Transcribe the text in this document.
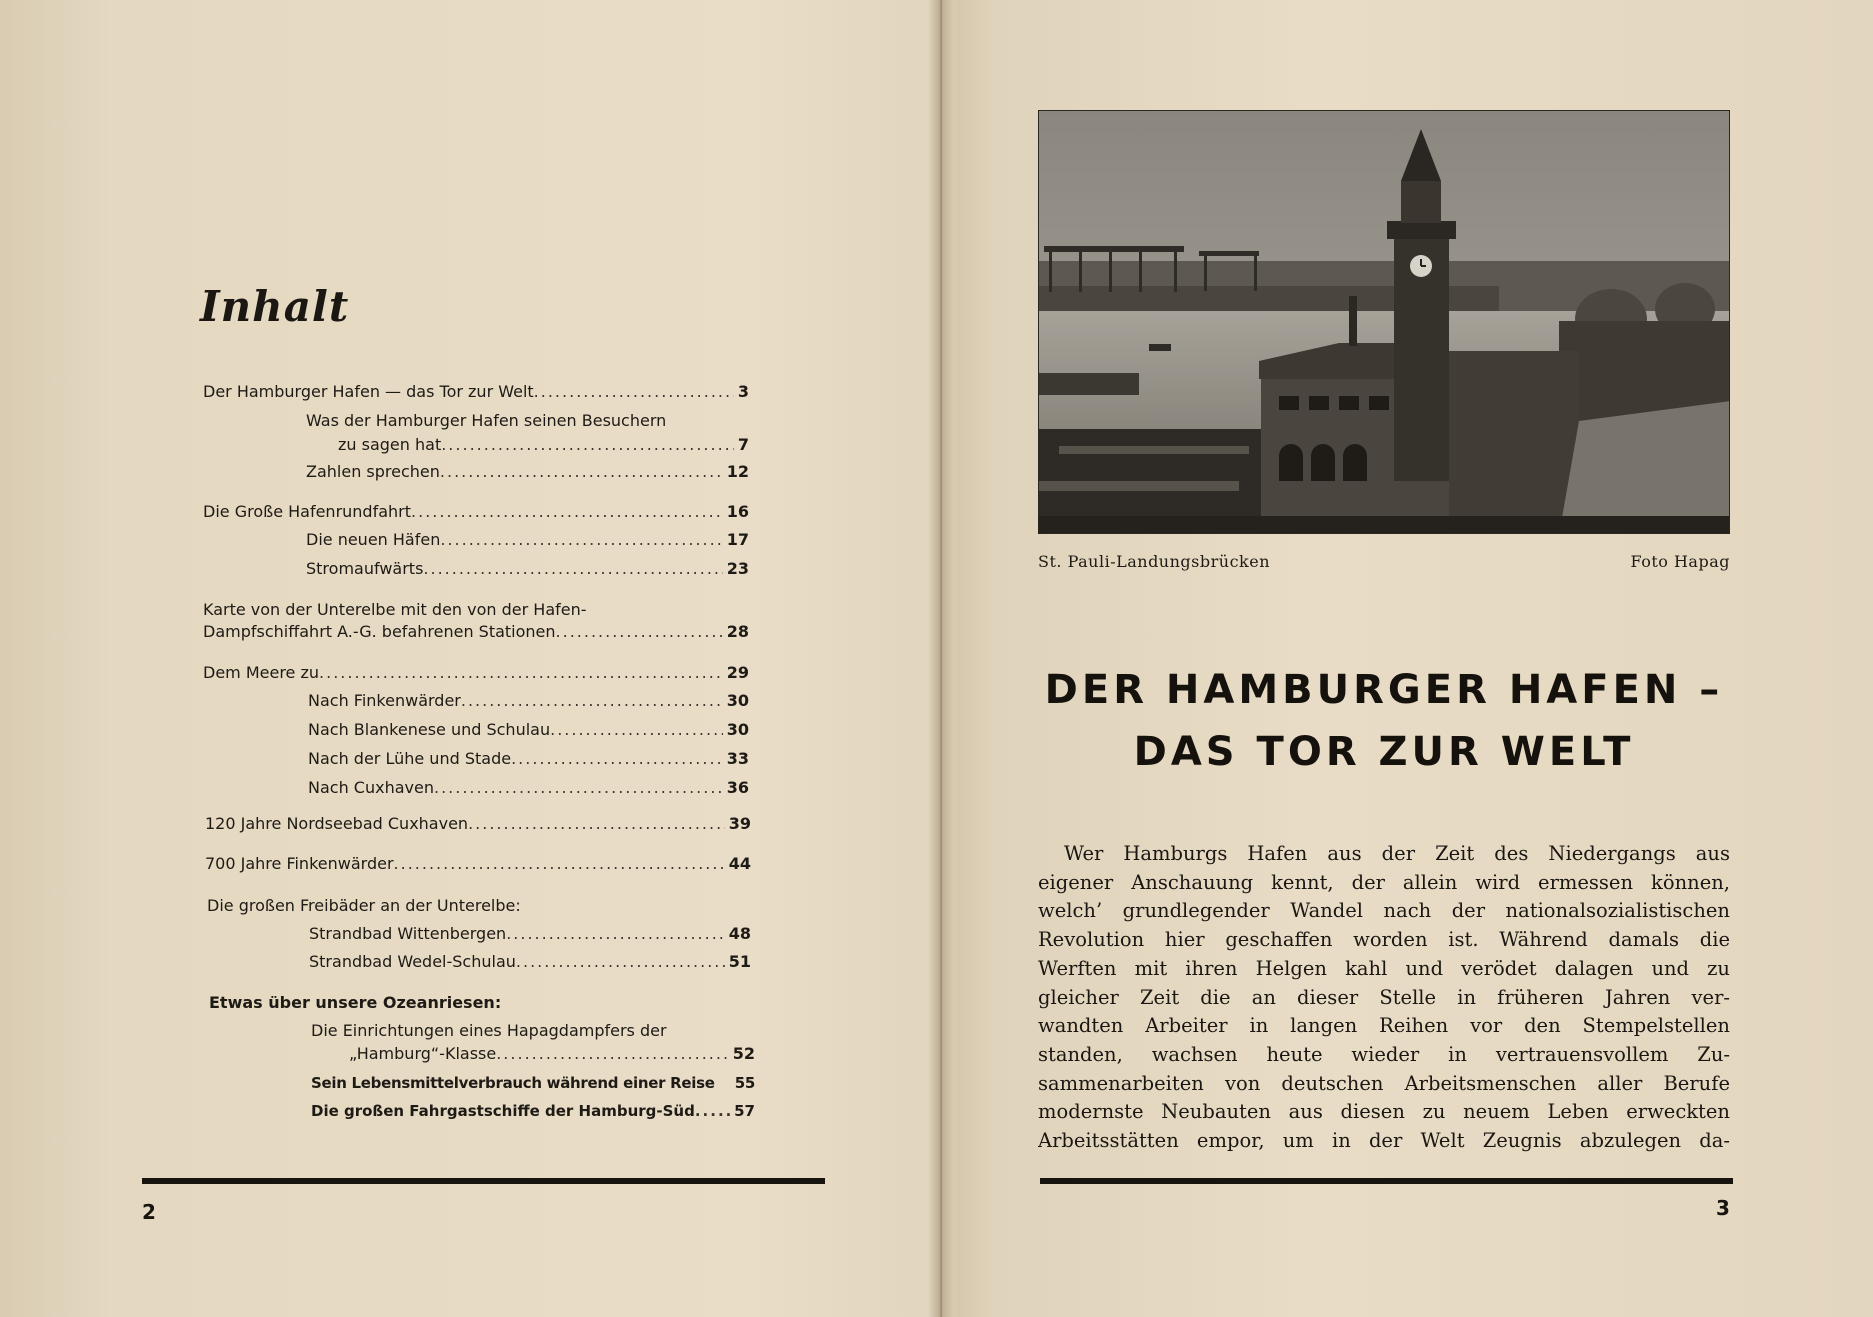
Inhalt
Der Hamburger Hafen — das Tor zur Welt .....	3
Was der Hamburger Hafen seinen Besuchern
zu sagen hat .....	7
Zahlen sprechen .....	12
Die Große Hafenrundfahrt .....	16
Die neuen Häfen .....	17
Stromaufwärts .....	23
Karte von der Unterelbe mit den von der Hafen-
Dampfschiffahrt A.-G. befahrenen Stationen .....	28
Dem Meere zu .....	29
Nach Finkenwärder .....	30
Nach Blankenese und Schulau .....	30
Nach der Lühe und Stade .....	33
Nach Cuxhaven .....	36
120 Jahre Nordseebad Cuxhaven .....	39
700 Jahre Finkenwärder .....	44
Die großen Freibäder an der Unterelbe:
Strandbad Wittenbergen .....	48
Strandbad Wedel-Schulau .....	51
Etwas über unsere Ozeanriesen:
Die Einrichtungen eines Hapagdampfers der
„Hamburg“-Klasse .....	52
Sein Lebensmittelverbrauch während einer Reise 55
Die großen Fahrgastschiffe der Hamburg-Süd .....	57
2
St. Pauli-Landungsbrücken	Foto Hapag
DER HAMBURGER HAFEN –
DAS TOR ZUR WELT
Wer Hamburgs Hafen aus der Zeit des Niedergangs aus
eigener Anschauung kennt, der allein wird ermessen können,
welch’ grundlegender Wandel nach der nationalsozialistischen
Revolution hier geschaffen worden ist. Während damals die
Werften mit ihren Helgen kahl und verödet dalagen und zu
gleicher Zeit die an dieser Stelle in früheren Jahren ver-
wandten Arbeiter in langen Reihen vor den Stempelstellen
standen, wachsen heute wieder in vertrauensvollem Zu-
sammenarbeiten von deutschen Arbeitsmenschen aller Berufe
modernste Neubauten aus diesen zu neuem Leben erweckten
Arbeitsstätten empor, um in der Welt Zeugnis abzulegen da-
3
